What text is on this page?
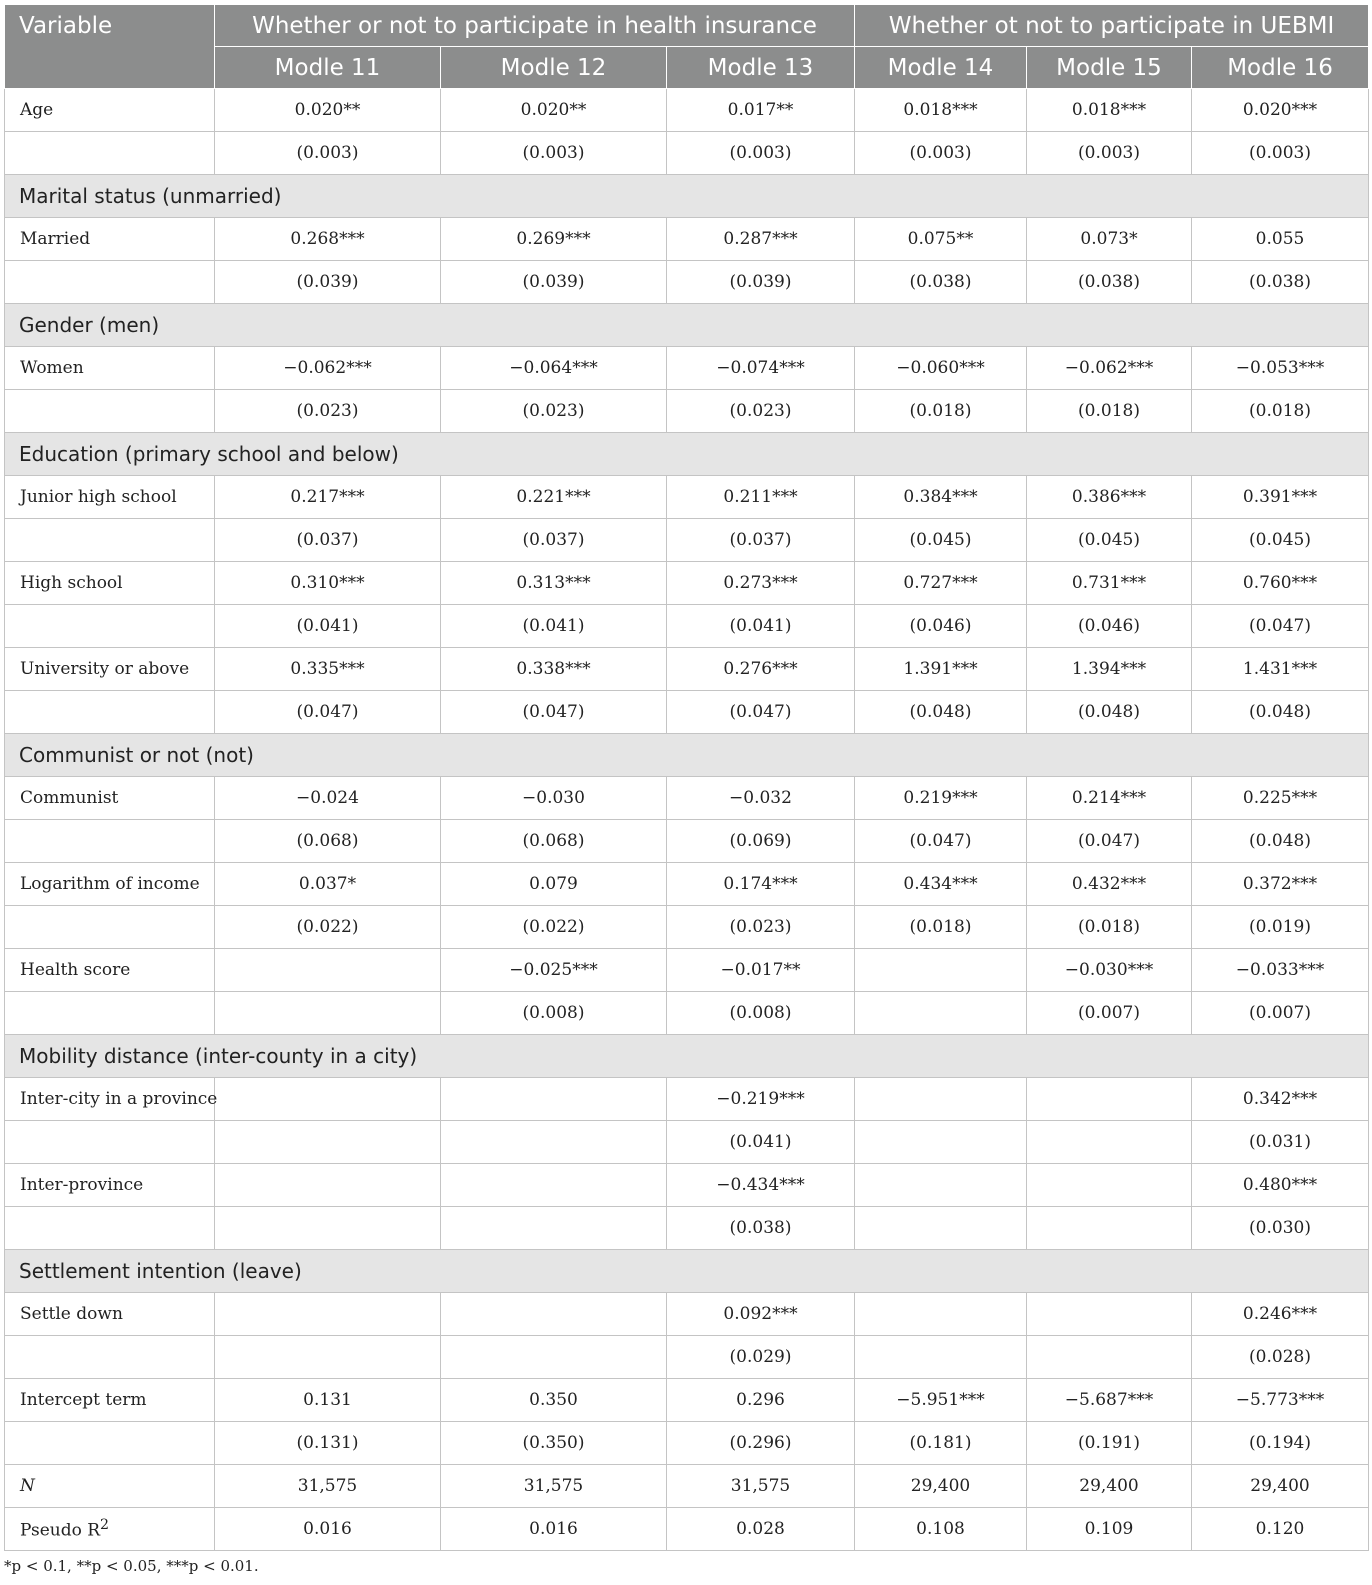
Variable	Whether or not to participate in health insurance			Whether ot not to participate in UEBMI		
	Modle 11	Modle 12	Modle 13	Modle 14	Modle 15	Modle 16
Age	0.020**	0.020**	0.017**	0.018***	0.018***	0.020***
	(0.003)	(0.003)	(0.003)	(0.003)	(0.003)	(0.003)
Marital status (unmarried)						
Married	0.268***	0.269***	0.287***	0.075**	0.073*	0.055
	(0.039)	(0.039)	(0.039)	(0.038)	(0.038)	(0.038)
Gender (men)						
Women	−0.062***	−0.064***	−0.074***	−0.060***	−0.062***	−0.053***
	(0.023)	(0.023)	(0.023)	(0.018)	(0.018)	(0.018)
Education (primary school and below)						
Junior high school	0.217***	0.221***	0.211***	0.384***	0.386***	0.391***
	(0.037)	(0.037)	(0.037)	(0.045)	(0.045)	(0.045)
High school	0.310***	0.313***	0.273***	0.727***	0.731***	0.760***
	(0.041)	(0.041)	(0.041)	(0.046)	(0.046)	(0.047)
University or above	0.335***	0.338***	0.276***	1.391***	1.394***	1.431***
	(0.047)	(0.047)	(0.047)	(0.048)	(0.048)	(0.048)
Communist or not (not)						
Communist	−0.024	−0.030	−0.032	0.219***	0.214***	0.225***
	(0.068)	(0.068)	(0.069)	(0.047)	(0.047)	(0.048)
Logarithm of income	0.037*	0.079	0.174***	0.434***	0.432***	0.372***
	(0.022)	(0.022)	(0.023)	(0.018)	(0.018)	(0.019)
Health score		−0.025***	−0.017**		−0.030***	−0.033***
		(0.008)	(0.008)		(0.007)	(0.007)
Mobility distance (inter-county in a city)						
Inter-city in a province			−0.219***			0.342***
			(0.041)			(0.031)
Inter-province			−0.434***			0.480***
			(0.038)			(0.030)
Settlement intention (leave)						
Settle down			0.092***			0.246***
			(0.029)			(0.028)
Intercept term	0.131	0.350	0.296	−5.951***	−5.687***	−5.773***
	(0.131)	(0.350)	(0.296)	(0.181)	(0.191)	(0.194)
N	31,575	31,575	31,575	29,400	29,400	29,400
Pseudo $R^2$	0.016	0.016	0.028	0.108	0.109	0.120
*p < 0.1, **p < 0.05, ***p < 0.01.
